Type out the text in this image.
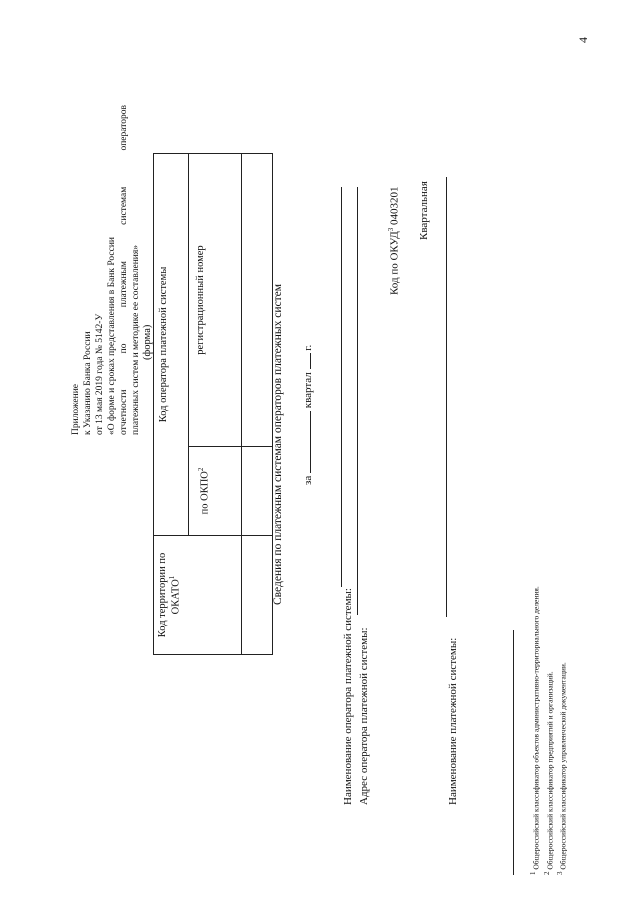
4
Приложение к Указанию Банка России от 13 мая 2019 года № 5142-У «О форме и сроках представления в Банк России отчетности по платежным системам операторов платежных систем и методике ее составления» (форма)
Код территории по ОКАТО$^1$	Код оператора платежной системы	
	по ОКПО$^2$	регистрационный номер
			Сведения по платежным системам операторов платежных систем за  квартал  г.
Наименование оператора платежной системы: Адрес оператора платежной системы:
Код по ОКУД$^3$ 0403201 Квартальная
Наименование платежной системы:
$^1$ Общероссийский классификатор объектов административно-территориального деления.
$^2$ Общероссийский классификатор предприятий и организаций.
$^3$ Общероссийский классификатор управленческой документации.
